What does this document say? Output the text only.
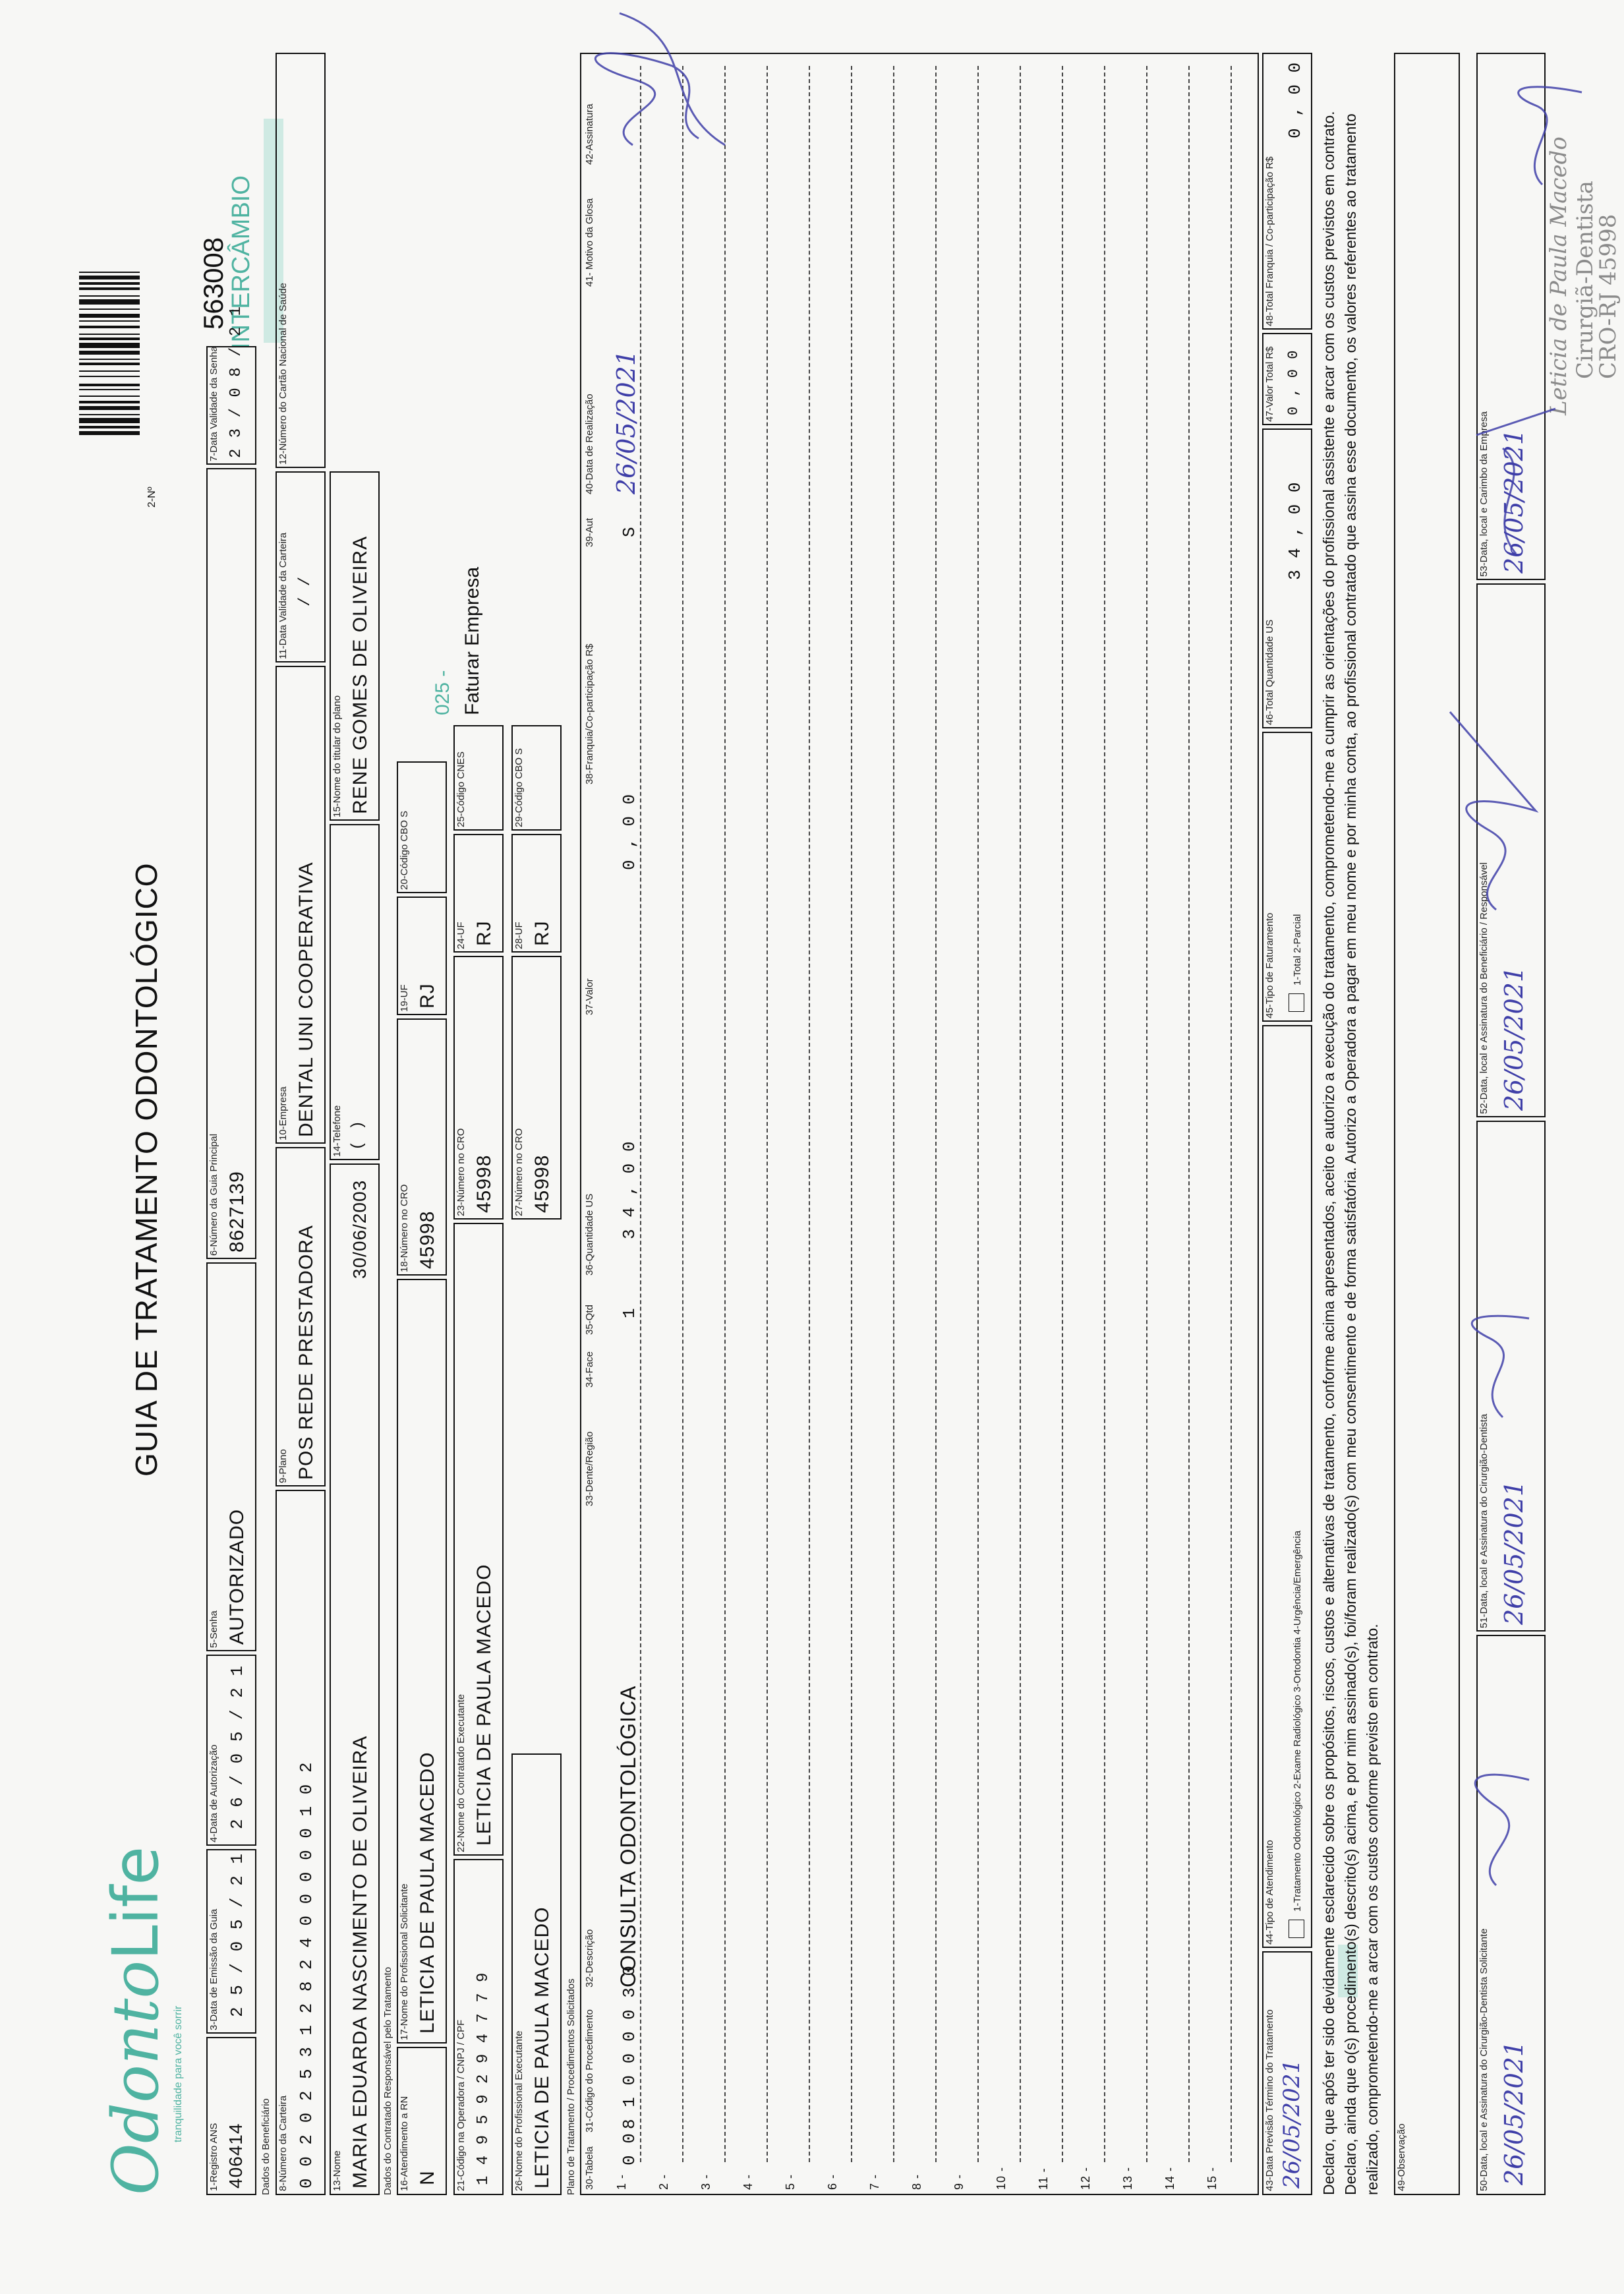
OdontoLife
tranquilidade para você sorrir
GUIA DE TRATAMENTO ODONTOLÓGICO
2-Nº
563008
INTERCÂMBIO
1-Registro ANS 406414
3-Data de Emissão da Guia 2 5 / 0 5 / 2 1
4-Data de Autorização 2 6 / 0 5 / 2 1
5-Senha AUTORIZADO
6-Número da Guia Principal 8627139
7-Data Validade da Senha 2 3 / 0 8 / 2 1
Dados do Beneficiário 8-Número da Carteira 0 0 2 0 2 5 3 1 2 8 2 4 0 0 0 0 0 1 0 2
9-Plano POS REDE PRESTADORA
10-Empresa DENTAL UNI COOPERATIVA
11-Data Validade da Carteira / /
12-Número do Cartão Nacional de Saúde
13-Nome MARIA EDUARDA NASCIMENTO DE OLIVEIRA
30/06/2003
14-Telefone ( )
15-Nome do titular do plano RENE GOMES DE OLIVEIRA
Dados do Contratado Responsável pelo Tratamento 16-Atendimento a RN N
17-Nome do Profissional Solicitante LETICIA DE PAULA MACEDO
18-Número no CRO 45998
19-UF RJ
20-Código CBO S
025 - Faturar Empresa
21-Código na Operadora / CNPJ / CPF 1 4 9 5 9 2 9 4 7 7 9
22-Nome do Contratado Executante LETICIA DE PAULA MACEDO
23-Número no CRO 45998
24-UF RJ
25-Código CNES
26-Nome do Profissional Executante LETICIA DE PAULA MACEDO
27-Número no CRO 45998
28-UF RJ
29-Código CBO S
Plano de Tratamento / Procedimentos Solicitados 30-Tabela
31-Código do Procedimento
32-Descrição
33-Dente/Região
34-Face
35-Qtd
36-Quantidade US
37-Valor
38-Franquia/Co-participação R$
39-Aut
40-Data de Realização
41- Motivo da Glosa
42-Assinatura
1 - 2 - 3 - 4 - 5 - 6 - 7 - 8 - 9 - 10 - 11 - 12 - 13 - 14 - 15 -
0 0
8 1 0 0 0 0 3 0
CONSULTA ODONTOLÓGICA
1
3 4 , 0 0
0 , 0 0
S
26/05/2021
43-Data Previsão Término do Tratamento 26/05/2021
44-Tipo de Atendimento 1-Tratamento Odontológico 2-Exame Radiológico 3-Ortodontia 4-Urgência/Emergência
45-Tipo de Faturamento 1-Total 2-Parcial
46-Total Quantidade US
3 4 , 0 0
47-Valor Total R$ 0 , 0 0
48-Total Franquia / Co-participação R$
0 , 0 0
Declaro, que após ter sido devidamente esclarecido sobre os propósitos, riscos, custos e alternativas de tratamento, conforme acima apresentados, aceito e autorizo a execução do tratamento, comprometendo-me a cumprir as orientações do profissional assistente e arcar com os custos previstos em contrato. Declaro, ainda que o(s) procedimento(s) descrito(s) acima, e por mim assinado(s), foi/foram realizado(s) com meu consentimento e de forma satisfatória. Autorizo a Operadora a pagar em meu nome e por minha conta, ao profissional contratado que assina esse documento, os valores referentes ao tratamento realizado, comprometendo-me a arcar com os custos conforme previsto em contrato. 49-Observação	50-Data, local e Assinatura do Cirurgião-Dentista Solicitante 26/05/2021
51-Data, local e Assinatura do Cirurgião-Dentista 26/05/2021
52-Data, local e Assinatura do Beneficiário / Responsável 26/05/2021
53-Data, local e Carimbo da Empresa 26/05/2021
Leticia de Paula Macedo Cirurgiã-Dentista
CRO-RJ 45998
